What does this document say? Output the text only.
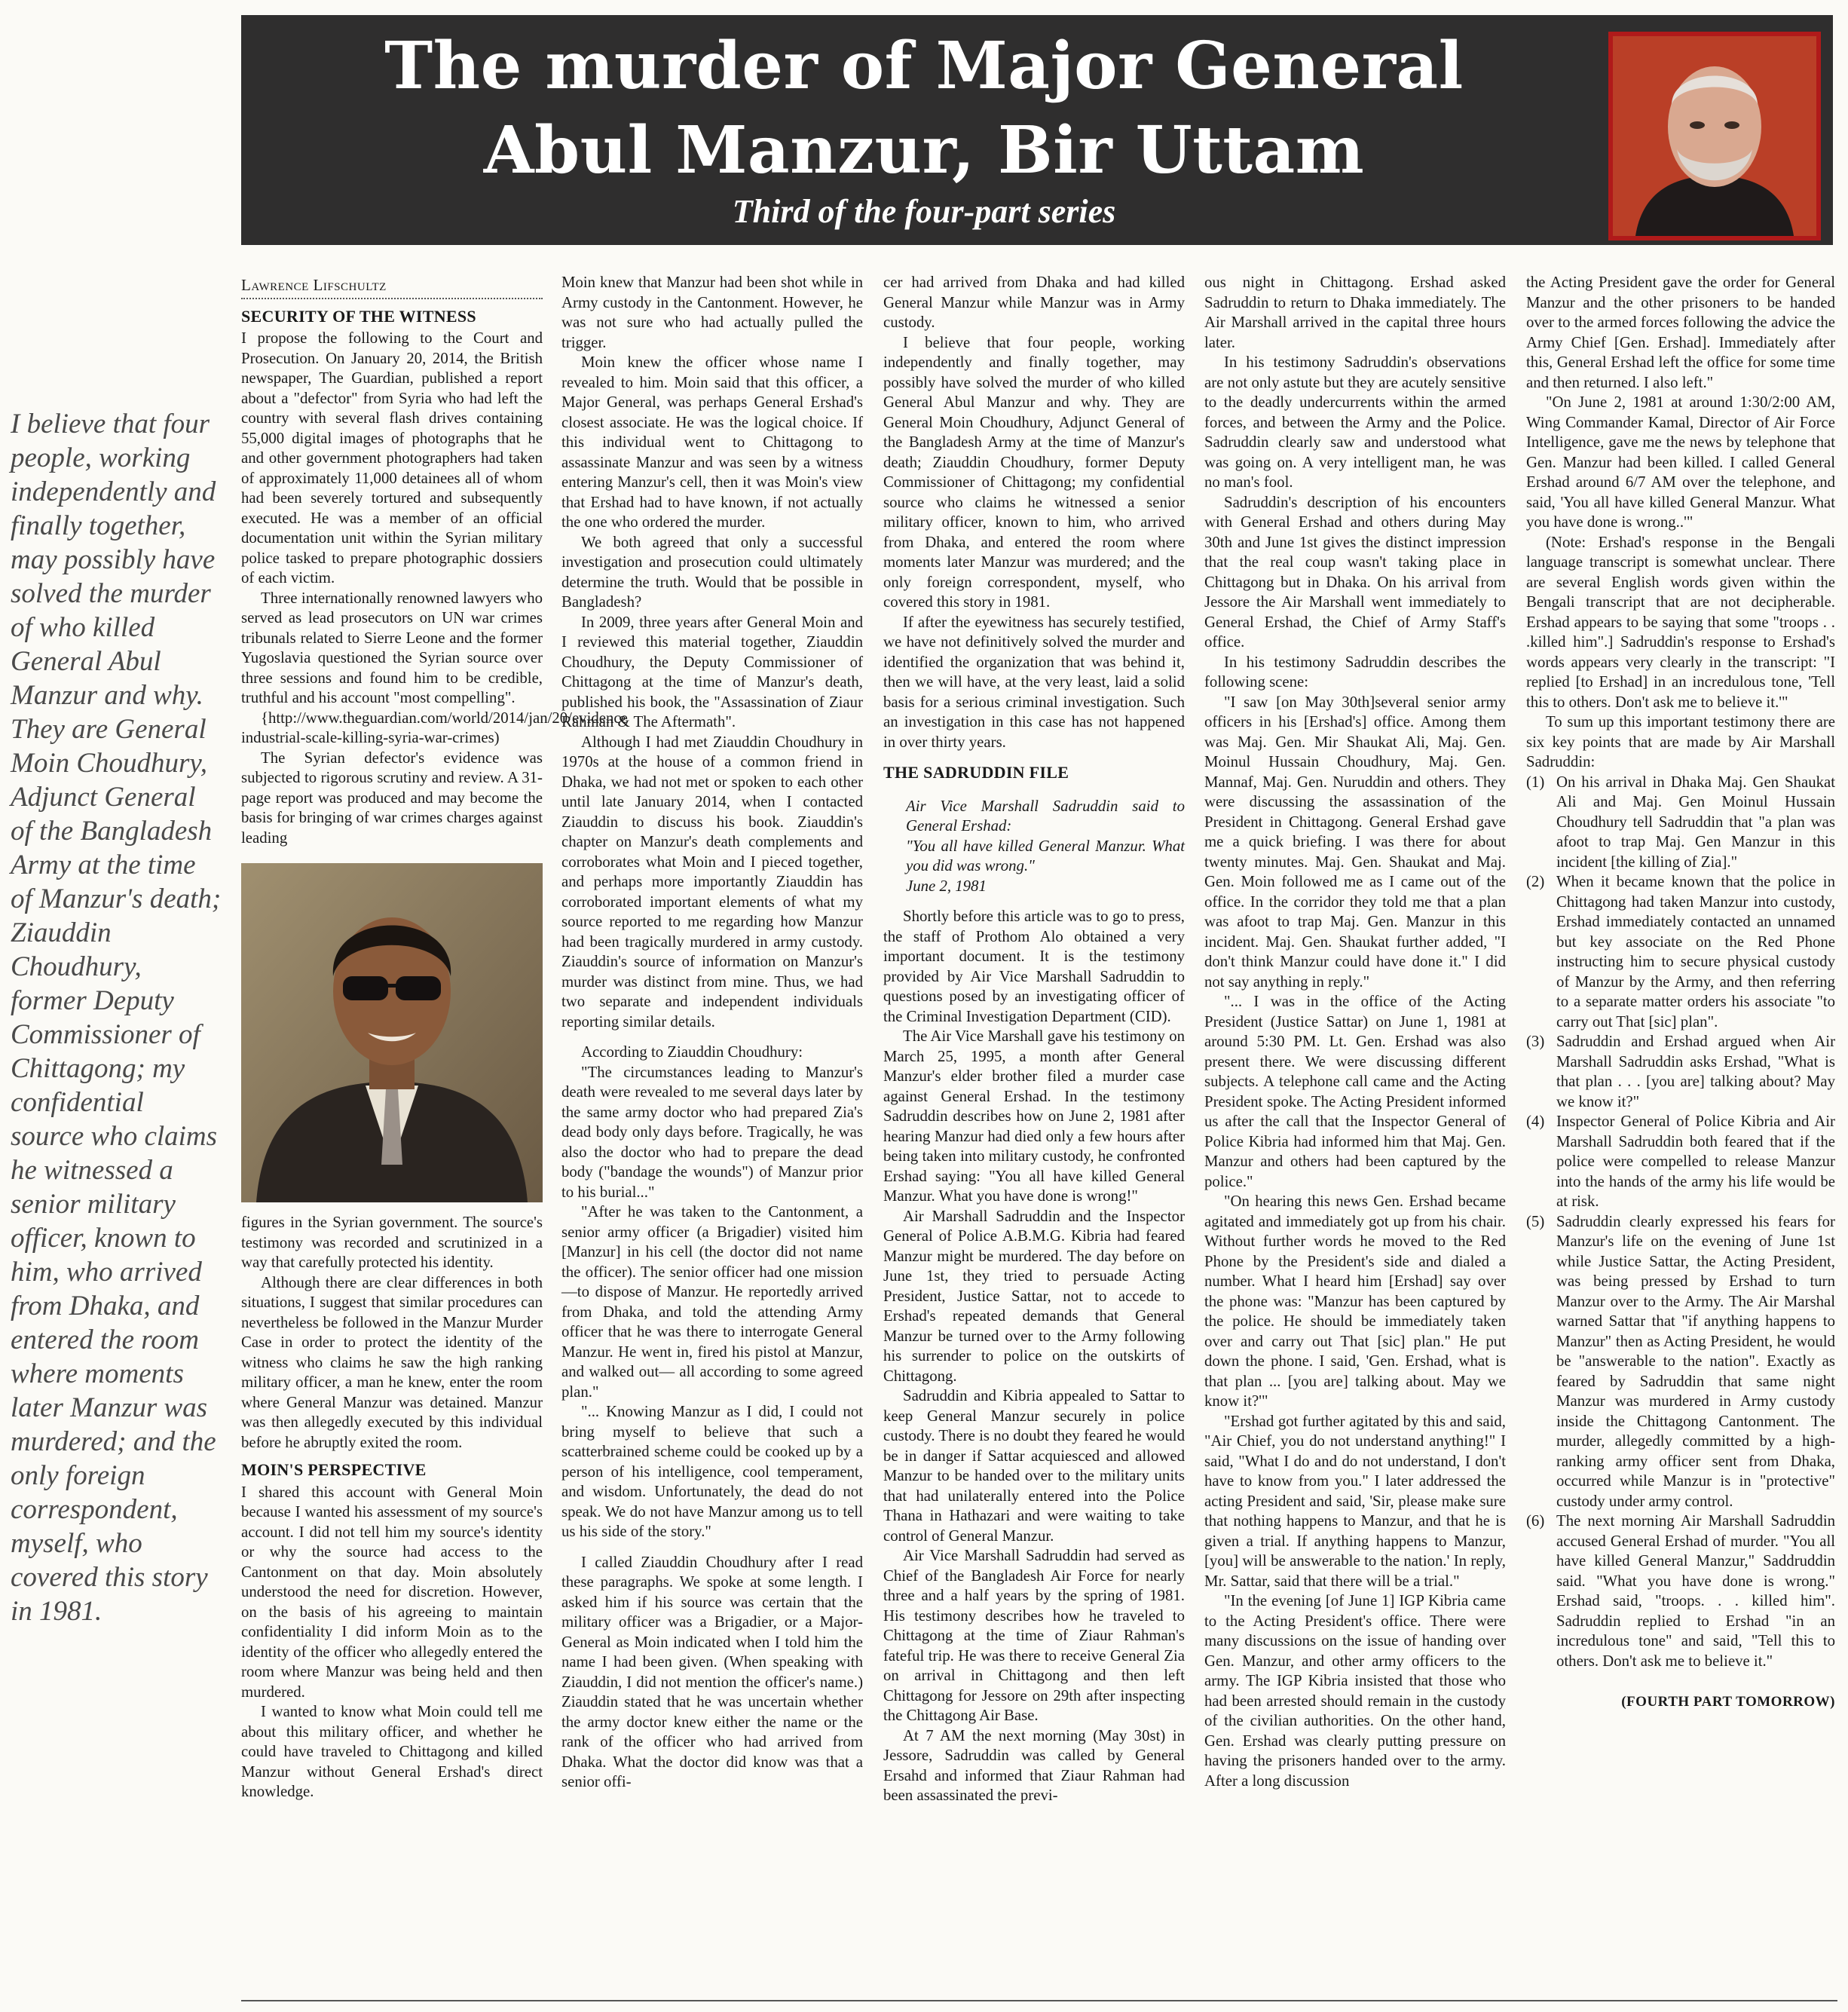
The murder of Major General
Abul Manzur, Bir Uttam
Third of the four-part series
I believe that four people, working independently and finally together, may possibly have solved the murder of who killed General Abul Manzur and why. They are General Moin Choudhury, Adjunct General of the Bangladesh Army at the time of Manzur's death; Ziauddin Choudhury, former Deputy Commissioner of Chittagong; my confidential source who claims he witnessed a senior military officer, known to him, who arrived from Dhaka, and entered the room where moments later Manzur was murdered; and the only foreign correspondent, myself, who covered this story in 1981.
Lawrence Lifschultz
SECURITY OF THE WITNESS

I propose the following to the Court and Prosecution. On January 20, 2014, the British newspaper, The Guardian, published a report about a "defector" from Syria who had left the country with several flash drives containing 55,000 digital images of photographs that he and other government photographers had taken of approximately 11,000 detainees all of whom had been severely tortured and subsequently executed. He was a member of an official documentation unit within the Syrian military police tasked to prepare photographic dossiers of each victim.

Three internationally renowned lawyers who served as lead prosecutors on UN war crimes tribunals related to Sierre Leone and the former Yugoslavia questioned the Syrian source over three sessions and found him to be credible, truthful and his account "most compelling".

{http://www.theguardian.com/world/2014/jan/20/evidence industrial-scale-killing-syria-war-crimes)

The Syrian defector's evidence was subjected to rigorous scrutiny and review. A 31-page report was produced and may become the basis for bringing of war crimes charges against leading

figures in the Syrian government. The source's testimony was recorded and scrutinized in a way that carefully protected his identity.

Although there are clear differences in both situations, I suggest that similar procedures can nevertheless be followed in the Manzur Murder Case in order to protect the identity of the witness who claims he saw the high ranking military officer, a man he knew, enter the room where General Manzur was detained. Manzur was then allegedly executed by this individual before he abruptly exited the room.

MOIN'S PERSPECTIVE

I shared this account with General Moin because I wanted his assessment of my source's account. I did not tell him my source's identity or why the source had access to the Cantonment on that day. Moin absolutely understood the need for discretion. However, on the basis of his agreeing to maintain confidentiality I did inform Moin as to the identity of the officer who allegedly entered the room where Manzur was being held and then murdered.

I wanted to know what Moin could tell me about this military officer, and whether he could have traveled to Chittagong and killed Manzur without General Ershad's direct knowledge.

Moin knew that Manzur had been shot while in Army custody in the Cantonment. However, he was not sure who had actually pulled the trigger.

Moin knew the officer whose name I revealed to him. Moin said that this officer, a Major General, was perhaps General Ershad's closest associate. He was the logical choice. If this individual went to Chittagong to assassinate Manzur and was seen by a witness entering Manzur's cell, then it was Moin's view that Ershad had to have known, if not actually the one who ordered the murder.

We both agreed that only a successful investigation and prosecution could ultimately determine the truth. Would that be possible in Bangladesh?

In 2009, three years after General Moin and I reviewed this material together, Ziauddin Choudhury, the Deputy Commissioner of Chittagong at the time of Manzur's death, published his book, the "Assassination of Ziaur Rahman & The Aftermath".

Although I had met Ziauddin Choudhury in 1970s at the house of a common friend in Dhaka, we had not met or spoken to each other until late January 2014, when I contacted Ziauddin to discuss his book. Ziauddin's chapter on Manzur's death complements and corroborates what Moin and I pieced together, and perhaps more importantly Ziauddin has corroborated important elements of what my source reported to me regarding how Manzur had been tragically murdered in army custody. Ziauddin's source of information on Manzur's murder was distinct from mine. Thus, we had two separate and independent individuals reporting similar details.

According to Ziauddin Choudhury:

"The circumstances leading to Manzur's death were revealed to me several days later by the same army doctor who had prepared Zia's dead body only days before. Tragically, he was also the doctor who had to prepare the dead body ("bandage the wounds") of Manzur prior to his burial..."

"After he was taken to the Cantonment, a senior army officer (a Brigadier) visited him [Manzur] in his cell (the doctor did not name the officer). The senior officer had one mission—to dispose of Manzur. He reportedly arrived from Dhaka, and told the attending Army officer that he was there to interrogate General Manzur. He went in, fired his pistol at Manzur, and walked out— all according to some agreed plan."

"... Knowing Manzur as I did, I could not bring myself to believe that such a scatterbrained scheme could be cooked up by a person of his intelligence, cool temperament, and wisdom. Unfortunately, the dead do not speak. We do not have Manzur among us to tell us his side of the story."

I called Ziauddin Choudhury after I read these paragraphs. We spoke at some length. I asked him if his source was certain that the military officer was a Brigadier, or a Major-General as Moin indicated when I told him the name I had been given. (When speaking with Ziauddin, I did not mention the officer's name.) Ziauddin stated that he was uncertain whether the army doctor knew either the name or the rank of the officer who had arrived from Dhaka. What the doctor did know was that a senior offi-

cer had arrived from Dhaka and had killed General Manzur while Manzur was in Army custody.

I believe that four people, working independently and finally together, may possibly have solved the murder of who killed General Abul Manzur and why. They are General Moin Choudhury, Adjunct General of the Bangladesh Army at the time of Manzur's death; Ziauddin Choudhury, former Deputy Commissioner of Chittagong; my confidential source who claims he witnessed a senior military officer, known to him, who arrived from Dhaka, and entered the room where moments later Manzur was murdered; and the only foreign correspondent, myself, who covered this story in 1981.

If after the eyewitness has securely testified, we have not definitively solved the murder and identified the organization that was behind it, then we will have, at the very least, laid a solid basis for a serious criminal investigation. Such an investigation in this case has not happened in over thirty years.

THE SADRUDDIN FILE

Air Vice Marshall Sadruddin said to General Ershad:

"You all have killed General Manzur. What you did was wrong."

June 2, 1981

Shortly before this article was to go to press, the staff of Prothom Alo obtained a very important document. It is the testimony provided by Air Vice Marshall Sadruddin to questions posed by an investigating officer of the Criminal Investigation Department (CID).

The Air Vice Marshall gave his testimony on March 25, 1995, a month after General Manzur's elder brother filed a murder case against General Ershad. In the testimony Sadruddin describes how on June 2, 1981 after hearing Manzur had died only a few hours after being taken into military custody, he confronted Ershad saying: "You all have killed General Manzur. What you have done is wrong!"

Air Marshall Sadruddin and the Inspector General of Police A.B.M.G. Kibria had feared Manzur might be murdered. The day before on June 1st, they tried to persuade Acting President, Justice Sattar, not to accede to Ershad's repeated demands that General Manzur be turned over to the Army following his surrender to police on the outskirts of Chittagong.

Sadruddin and Kibria appealed to Sattar to keep General Manzur securely in police custody. There is no doubt they feared he would be in danger if Sattar acquiesced and allowed Manzur to be handed over to the military units that had unilaterally entered into the Police Thana in Hathazari and were waiting to take control of General Manzur.

Air Vice Marshall Sadruddin had served as Chief of the Bangladesh Air Force for nearly three and a half years by the spring of 1981. His testimony describes how he traveled to Chittagong at the time of Ziaur Rahman's fateful trip. He was there to receive General Zia on arrival in Chittagong and then left Chittagong for Jessore on 29th after inspecting the Chittagong Air Base.

At 7 AM the next morning (May 30st) in Jessore, Sadruddin was called by General Ersahd and informed that Ziaur Rahman had been assassinated the previ-

ous night in Chittagong. Ershad asked Sadruddin to return to Dhaka immediately. The Air Marshall arrived in the capital three hours later.

In his testimony Sadruddin's observations are not only astute but they are acutely sensitive to the deadly undercurrents within the armed forces, and between the Army and the Police. Sadruddin clearly saw and understood what was going on. A very intelligent man, he was no man's fool.

Sadruddin's description of his encounters with General Ershad and others during May 30th and June 1st gives the distinct impression that the real coup wasn't taking place in Chittagong but in Dhaka. On his arrival from Jessore the Air Marshall went immediately to General Ershad, the Chief of Army Staff's office.

In his testimony Sadruddin describes the following scene:

"I saw [on May 30th]several senior army officers in his [Ershad's] office. Among them was Maj. Gen. Mir Shaukat Ali, Maj. Gen. Moinul Hussain Choudhury, Maj. Gen. Mannaf, Maj. Gen. Nuruddin and others. They were discussing the assassination of the President in Chittagong. General Ershad gave me a quick briefing. I was there for about twenty minutes. Maj. Gen. Shaukat and Maj. Gen. Moin followed me as I came out of the office. In the corridor they told me that a plan was afoot to trap Maj. Gen. Manzur in this incident. Maj. Gen. Shaukat further added, "I don't think Manzur could have done it." I did not say anything in reply."

"... I was in the office of the Acting President (Justice Sattar) on June 1, 1981 at around 5:30 PM. Lt. Gen. Ershad was also present there. We were discussing different subjects. A telephone call came and the Acting President spoke. The Acting President informed us after the call that the Inspector General of Police Kibria had informed him that Maj. Gen. Manzur and others had been captured by the police."

"On hearing this news Gen. Ershad became agitated and immediately got up from his chair. Without further words he moved to the Red Phone by the President's side and dialed a number. What I heard him [Ershad] say over the phone was: "Manzur has been captured by the police. He should be immediately taken over and carry out That [sic] plan." He put down the phone. I said, 'Gen. Ershad, what is that plan ... [you are] talking about. May we know it?'"

"Ershad got further agitated by this and said, "Air Chief, you do not understand anything!" I said, "What I do and do not understand, I don't have to know from you." I later addressed the acting President and said, 'Sir, please make sure that nothing happens to Manzur, and that he is given a trial. If anything happens to Manzur, [you] will be answerable to the nation.' In reply, Mr. Sattar, said that there will be a trial."

"In the evening [of June 1] IGP Kibria came to the Acting President's office. There were many discussions on the issue of handing over Gen. Manzur, and other army officers to the army. The IGP Kibria insisted that those who had been arrested should remain in the custody of the civilian authorities. On the other hand, Gen. Ershad was clearly putting pressure on having the prisoners handed over to the army. After a long discussion

the Acting President gave the order for General Manzur and the other prisoners to be handed over to the armed forces following the advice the Army Chief [Gen. Ershad]. Immediately after this, General Ershad left the office for some time and then returned. I also left."

"On June 2, 1981 at around 1:30/2:00 AM, Wing Commander Kamal, Director of Air Force Intelligence, gave me the news by telephone that Gen. Manzur had been killed. I called General Ershad around 6/7 AM over the telephone, and said, 'You all have killed General Manzur. What you have done is wrong..'"

(Note: Ershad's response in the Bengali language transcript is somewhat unclear. There are several English words given within the Bengali transcript that are not decipherable. Ershad appears to be saying that some "troops . . .killed him".] Sadruddin's response to Ershad's words appears very clearly in the transcript: "I replied [to Ershad] in an incredulous tone, 'Tell this to others. Don't ask me to believe it.'"

To sum up this important testimony there are six key points that are made by Air Marshall Sadruddin:

(1) On his arrival in Dhaka Maj. Gen Shaukat Ali and Maj. Gen Moinul Hussain Choudhury tell Sadruddin that "a plan was afoot to trap Maj. Gen Manzur in this incident [the killing of Zia]."
(2) When it became known that the police in Chittagong had taken Manzur into custody, Ershad immediately contacted an unnamed but key associate on the Red Phone instructing him to secure physical custody of Manzur by the Army, and then referring to a separate matter orders his associate "to carry out That [sic] plan".
(3) Sadruddin and Ershad argued when Air Marshall Sadruddin asks Ershad, "What is that plan . . . [you are] talking about? May we know it?"
(4) Inspector General of Police Kibria and Air Marshall Sadruddin both feared that if the police were compelled to release Manzur into the hands of the army his life would be at risk.
(5) Sadruddin clearly expressed his fears for Manzur's life on the evening of June 1st while Justice Sattar, the Acting President, was being pressed by Ershad to turn Manzur over to the Army. The Air Marshal warned Sattar that "if anything happens to Manzur" then as Acting President, he would be "answerable to the nation". Exactly as feared by Sadruddin that same night Manzur was murdered in Army custody inside the Chittagong Cantonment. The murder, allegedly committed by a high-ranking army officer sent from Dhaka, occurred while Manzur is in "protective" custody under army control.
(6) The next morning Air Marshall Sadruddin accused General Ershad of murder. "You all have killed General Manzur," Saddruddin said. "What you have done is wrong." Ershad said, "troops. . . killed him". Sadruddin replied to Ershad "in an incredulous tone" and said, "Tell this to others. Don't ask me to believe it."
(FOURTH PART TOMORROW)
